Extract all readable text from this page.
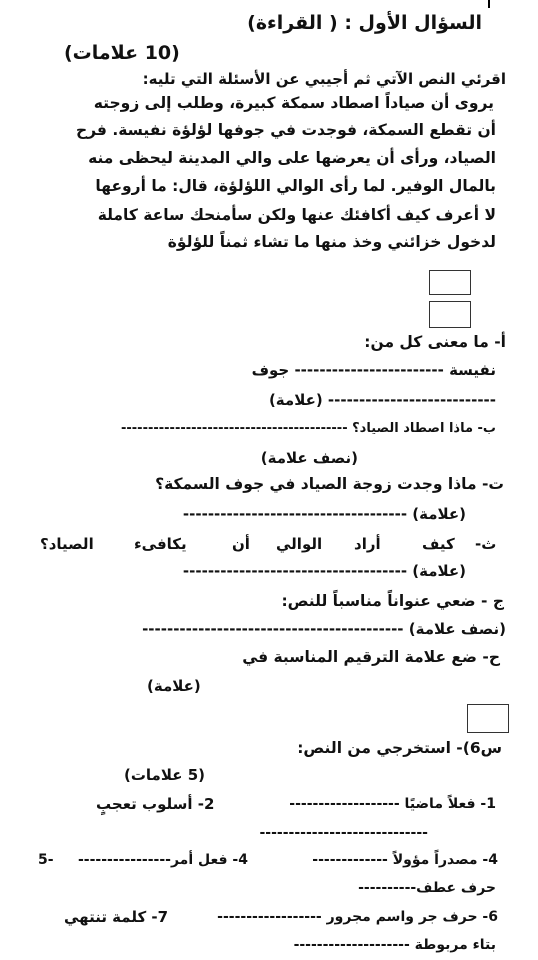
السؤال الأول : ( القراءة)
(10 علامات)
اقرئي النص الآتي ثم أجيبي عن الأسئلة التي تليه:
يروى أن صياداً اصطاد سمكة كبيرة، وطلب إلى زوجته
أن تقطع السمكة، فوجدت في جوفها لؤلؤة نفيسة. فرح
الصياد، ورأى أن يعرضها على والي المدينة ليحظى منه
بالمال الوفير. لما رأى الوالي اللؤلؤة، قال: ما أروعها
لا أعرف كيف أكافئك عنها ولكن سأمنحك ساعة كاملة
لدخول خزائني وخذ منها ما تشاء ثمناً للؤلؤة
أ- ما معنى كل من:
نفيسة ------------------------ جوف
--------------------------- (علامة)
ب- ماذا اصطاد الصياد؟ ------------------------------------------
(نصف علامة)
ت- ماذا وجدت زوجة الصياد في جوف السمكة؟
(علامة) ------------------------------------
ث-
كيف
أراد
الوالي
أن
يكافىء
الصياد؟
(علامة) ------------------------------------
ج - ضعي عنواناً مناسباً للنص:
(نصف علامة) ------------------------------------------
ح- ضع علامة الترقيم المناسبة في
(علامة)
س6)- استخرجي من النص:
(5 علامات)
1- فعلاً ماضيًا -------------------
2- أسلوب تعجبٍ
-----------------------------
4- مصدراً مؤولاً -------------
4- فعل أمر----------------
5-
حرف عطف----------
6- حرف جر واسم مجرور ------------------
7- كلمة تنتهي
بتاء مربوطة --------------------
